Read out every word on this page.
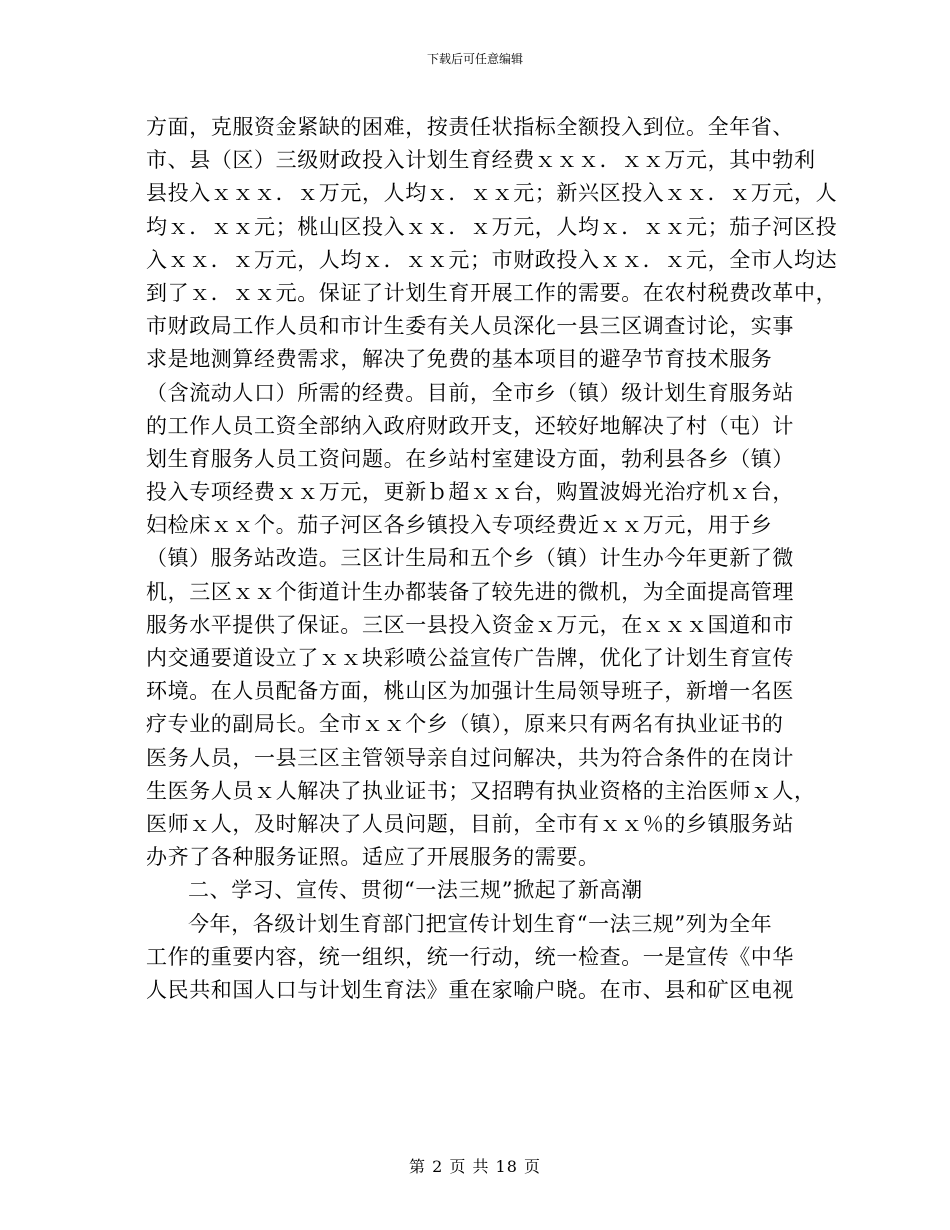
下载后可任意编辑
方面，克服资金紧缺的困难，按责任状指标全额投入到位。全年省、
市、县（区）三级财政投入计划生育经费ｘｘｘ．ｘｘ万元，其中勃利
县投入ｘｘｘ．ｘ万元，人均ｘ．ｘｘ元；新兴区投入ｘｘ．ｘ万元，人
均ｘ．ｘｘ元；桃山区投入ｘｘ．ｘ万元，人均ｘ．ｘｘ元；茄子河区投
入ｘｘ．ｘ万元，人均ｘ．ｘｘ元；市财政投入ｘｘ．ｘ元，全市人均达
到了ｘ．ｘｘ元。保证了计划生育开展工作的需要。在农村税费改革中，
市财政局工作人员和市计生委有关人员深化一县三区调查讨论，实事
求是地测算经费需求，解决了免费的基本项目的避孕节育技术服务
（含流动人口）所需的经费。目前，全市乡（镇）级计划生育服务站
的工作人员工资全部纳入政府财政开支，还较好地解决了村（屯）计
划生育服务人员工资问题。在乡站村室建设方面，勃利县各乡（镇）
投入专项经费ｘｘ万元，更新ｂ超ｘｘ台，购置波姆光治疗机ｘ台，
妇检床ｘｘ个。茄子河区各乡镇投入专项经费近ｘｘ万元，用于乡
（镇）服务站改造。三区计生局和五个乡（镇）计生办今年更新了微
机，三区ｘｘ个街道计生办都装备了较先进的微机，为全面提高管理
服务水平提供了保证。三区一县投入资金ｘ万元，在ｘｘｘ国道和市
内交通要道设立了ｘｘ块彩喷公益宣传广告牌，优化了计划生育宣传
环境。在人员配备方面，桃山区为加强计生局领导班子，新增一名医
疗专业的副局长。全市ｘｘ个乡（镇），原来只有两名有执业证书的
医务人员，一县三区主管领导亲自过问解决，共为符合条件的在岗计
生医务人员ｘ人解决了执业证书；又招聘有执业资格的主治医师ｘ人，
医师ｘ人，及时解决了人员问题，目前，全市有ｘｘ％的乡镇服务站
办齐了各种服务证照。适应了开展服务的需要。
二、学习、宣传、贯彻“一法三规”掀起了新高潮
今年，各级计划生育部门把宣传计划生育“一法三规”列为全年
工作的重要内容，统一组织，统一行动，统一检查。一是宣传《中华
人民共和国人口与计划生育法》重在家喻户晓。在市、县和矿区电视
第 2 页 共 18 页
